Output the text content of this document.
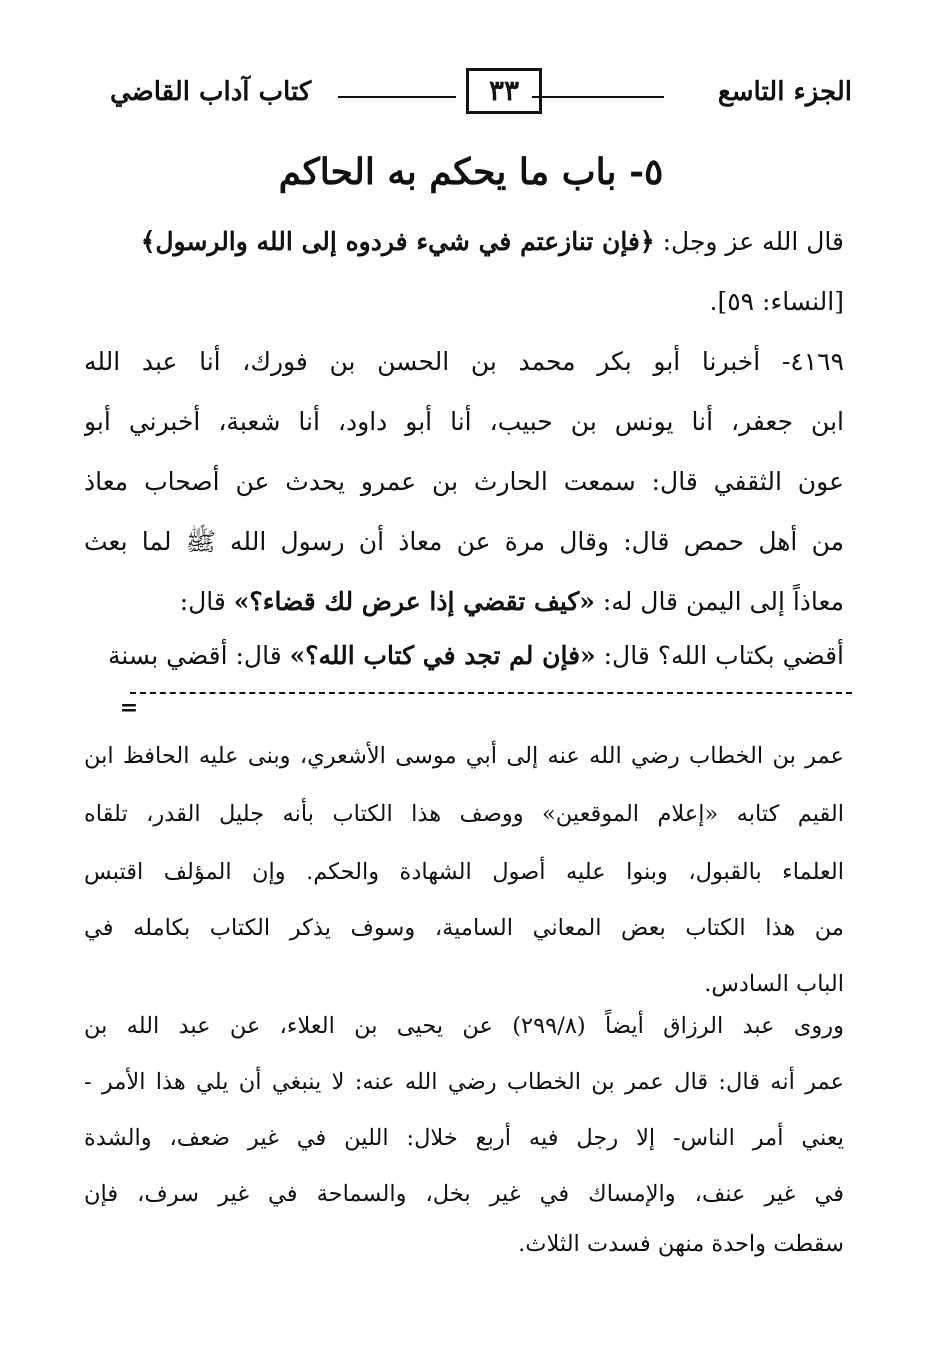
الجزء التاسع
٣٣
كتاب آداب القاضي
٥- باب ما يحكم به الحاكم
قال الله عز وجل: ﴿فإن تنازعتم في شيء فردوه إلى الله والرسول﴾
[النساء: ٥٩].
٤١٦٩- أخبرنا أبو بكر محمد بن الحسن بن فورك، أنا عبد الله
ابن جعفر، أنا يونس بن حبيب، أنا أبو داود، أنا شعبة، أخبرني أبو
عون الثقفي قال: سمعت الحارث بن عمرو يحدث عن أصحاب معاذ
من أهل حمص قال: وقال مرة عن معاذ أن رسول الله ﷺ لما بعث
معاذاً إلى اليمن قال له: «كيف تقضي إذا عرض لك قضاء؟» قال:
أقضي بكتاب الله؟ قال: «فإن لم تجد في كتاب الله؟» قال: أقضي بسنة
=
عمر بن الخطاب رضي الله عنه إلى أبي موسى الأشعري، وبنى عليه الحافظ ابن
القيم كتابه «إعلام الموقعين» ووصف هذا الكتاب بأنه جليل القدر، تلقاه
العلماء بالقبول، وبنوا عليه أصول الشهادة والحكم. وإن المؤلف اقتبس
من هذا الكتاب بعض المعاني السامية، وسوف يذكر الكتاب بكامله في
الباب السادس.
وروى عبد الرزاق أيضاً (٢٩٩/٨) عن يحيى بن العلاء، عن عبد الله بن
عمر أنه قال: قال عمر بن الخطاب رضي الله عنه: لا ينبغي أن يلي هذا الأمر -
يعني أمر الناس- إلا رجل فيه أربع خلال: اللين في غير ضعف، والشدة
في غير عنف، والإمساك في غير بخل، والسماحة في غير سرف، فإن
سقطت واحدة منهن فسدت الثلاث.
